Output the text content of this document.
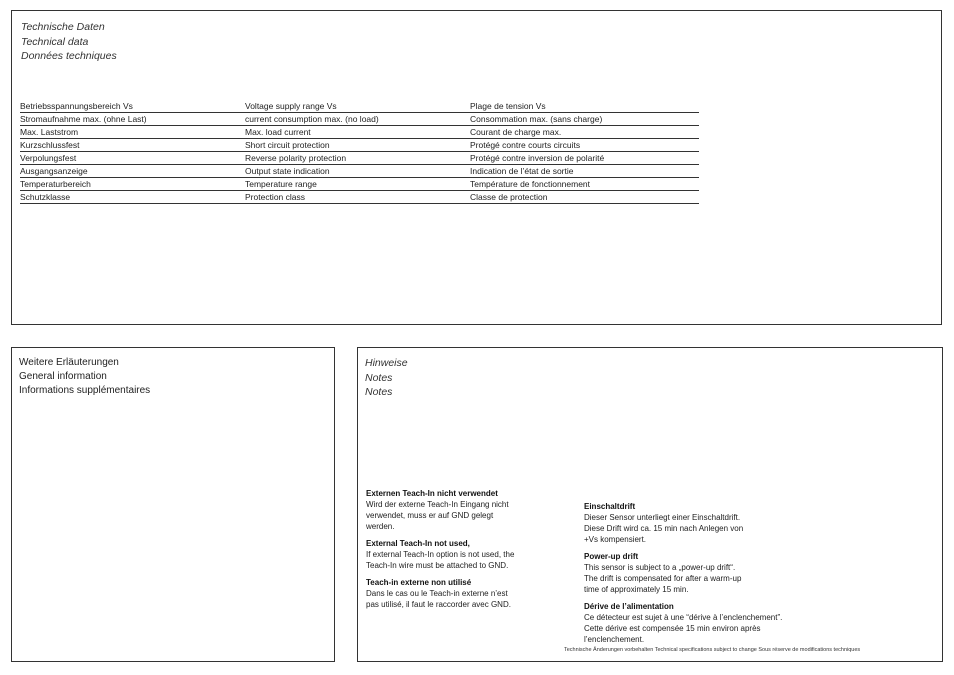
Technische Daten
Technical data
Données techniques
Betriebsspannungsbereich Vs	Voltage supply range Vs	Plage de tension Vs
Stromaufnahme max. (ohne Last)	current consumption max. (no load)	Consommation max. (sans charge)
Max. Laststrom	Max. load current	Courant de charge max.
Kurzschlussfest	Short circuit protection	Protégé contre courts circuits
Verpolungsfest	Reverse polarity protection	Protégé contre inversion de polarité
Ausgangsanzeige	Output state indication	Indication de l’état de sortie
Temperaturbereich	Temperature range	Température de fonctionnement
Schutzklasse	Protection class	Classe de protection
Weitere Erläuterungen
General information
Informations supplémentaires
Hinweise
Notes
Notes
Externen Teach-In nicht verwendet
Wird der externe Teach-In Eingang nicht
verwendet, muss er auf GND gelegt
werden.
External Teach-In not used,
If external Teach-In option is not used, the
Teach-In wire must be attached to GND.
Teach-in externe non utilisé
Dans le cas ou le Teach-in externe n’est
pas utilisé, il faut le raccorder avec GND.
Einschaltdrift
Dieser Sensor unterliegt einer Einschaltdrift.
Diese Drift wird ca. 15 min nach Anlegen von
+Vs kompensiert.
Power-up drift
This sensor is subject to a „power-up drift“.
The drift is compensated for after a warm-up
time of approximately 15 min.
Dérive de l’alimentation
Ce détecteur est sujet à une “dérive à l’enclenchement”.
Cette dérive est compensée 15 min environ après
l’enclenchement.
Technische Änderungen vorbehalten Technical specifications subject to change Sous réserve de modifications techniques
